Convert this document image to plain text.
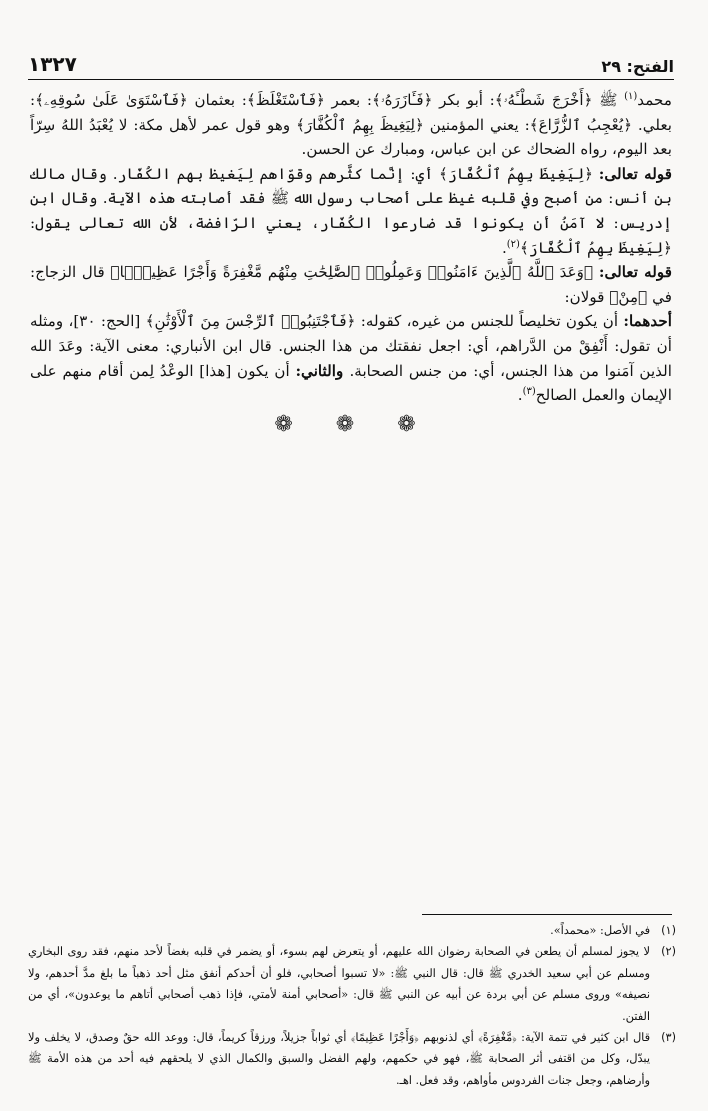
الفتح: ٢٩
١٣٢٧

محمد$^{(١)}$ ﷺ ﴿أَخْرَجَ شَطْـَٔهُۥ﴾: أبو بكر ﴿فَـَٔازَرَهُۥ﴾: بعمر ﴿فَٱسْتَغْلَظَ﴾: بعثمان ﴿فَٱسْتَوَىٰ عَلَىٰ سُوقِهِۦ﴾: بعلي. ﴿يُعْجِبُ ٱلزُّرَّاعَ﴾: يعني المؤمنين ﴿لِيَغِيظَ بِهِمُ ٱلْكُفَّارَ﴾ وهو قول عمر لأهل مكة: لا يُعْبَدُ اللهُ سِرّاً بعد اليوم، رواه الضحاك عن ابن عباس، ومبارك عن الحسن.

قوله تعالى: ﴿لِيَغِيظَ بِهِمُ ٱلْكُفَّارَ﴾ أي: إنَّما كثَّرهم وقوّاهم لِيَغيظ بهم الكُفّار. وقال مالك بن أنس: من أصبح وفي قلبه غيظ على أصحاب رسول الله ﷺ فقد أصابته هذه الآية. وقال ابن إدريس: لا آمَنُ أن يكونوا قد ضارعوا الكُفّار، يعني الرّافضة، لأن الله تعالى يقول: ﴿لِيَغِيظَ بِهِمُ ٱلْكُفَّارَ﴾$^{(٢)}$.

قوله تعالى: ﴿وَعَدَ ٱللَّهُ ٱلَّذِينَ ءَامَنُوا۟ وَعَمِلُوا۟ ٱلصَّٰلِحَٰتِ مِنْهُم مَّغْفِرَةً وَأَجْرًا عَظِيمًۢا﴾ قال الزجاج: في ﴿مِنْ﴾ قولان:
أحدهما: أن يكون تخليصاً للجنس من غيره، كقوله: ﴿فَٱجْتَنِبُوا۟ ٱلرِّجْسَ مِنَ ٱلْأَوْثَٰنِ﴾ [الحج: ٣٠]، ومثله أن تقول: أَنْفِقْ من الدَّراهم، أي: اجعل نفقتك من هذا الجنس. قال ابن الأنباري: معنى الآية: وعَدَ الله الذين آمَنوا من هذا الجنس، أي: من جنس الصحابة. والثاني: أن يكون [هذا] الوعْدُ لِمن أقام منهم على الإيمان والعمل الصالح$^{(٣)}$.

❁ ❁ ❁
(١)
في الأصل: «محمداً».
(٢)
لا يجوز لمسلم أن يطعن في الصحابة رضوان الله عليهم، أو يتعرض لهم بسوء، أو يضمر في قلبه بغضاً لأحد منهم، فقد روى البخاري ومسلم عن أبي سعيد الخدري ﷺ قال: قال النبي ﷺ: «لا تسبوا أصحابي، فلو أن أحدكم أنفق مثل أحد ذهباً ما بلغ مدَّ أحدهم، ولا نصيفه» وروى مسلم عن أبي بردة عن أبيه عن النبي ﷺ قال: «أصحابي أمنة لأمتي، فإذا ذهب أصحابي أتاهم ما يوعدون»، أي من الفتن.
(٣)
قال ابن كثير في تتمة الآية: ﴿مَّغْفِرَةً﴾ أي لذنوبهم ﴿وَأَجْرًا عَظِيمًا﴾ أي ثواباً جزيلاً، ورزقاً كريماً، قال: ووعد الله حقٌ وصدق، لا يخلف ولا يبدّل، وكل من اقتفى أثر الصحابة ﷺ، فهو في حكمهم، ولهم الفضل والسبق والكمال الذي لا يلحقهم فيه أحد من هذه الأمة ﷺ وأرضاهم، وجعل جنات الفردوس مأواهم، وقد فعل. اهـ.
